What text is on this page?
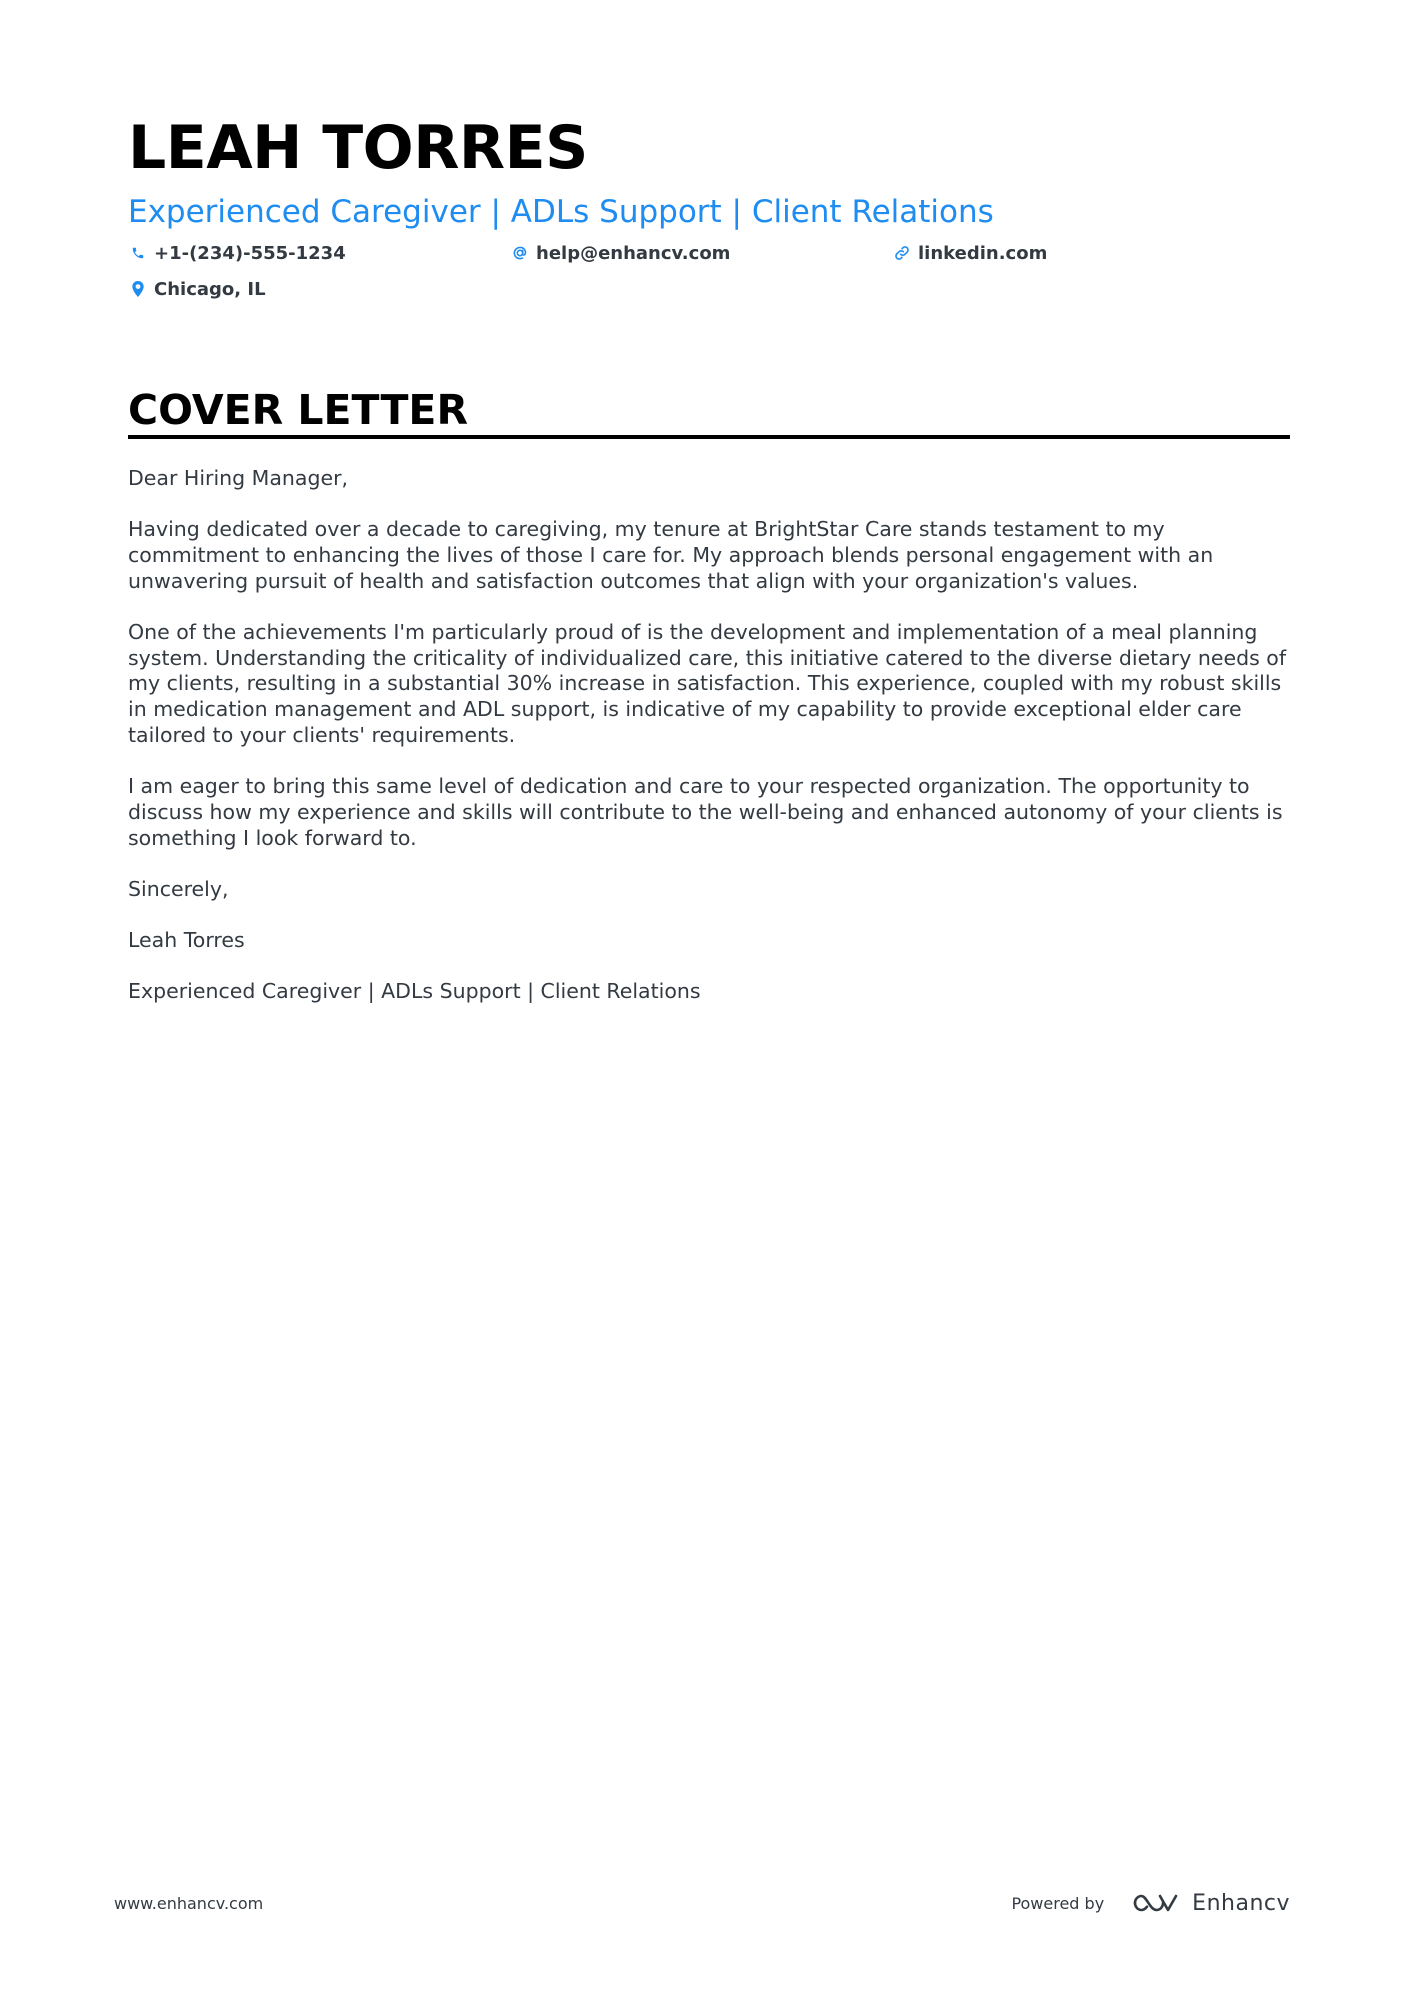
LEAH TORRES
Experienced Caregiver | ADLs Support | Client Relations
+1-(234)-555-1234	help@enhancv.com	linkedin.com
Chicago, IL
COVER LETTER

Dear Hiring Manager,

Having dedicated over a decade to caregiving, my tenure at BrightStar Care stands testament to my commitment to enhancing the lives of those I care for. My approach blends personal engagement with an unwavering pursuit of health and satisfaction outcomes that align with your organization's values.

One of the achievements I'm particularly proud of is the development and implementation of a meal planning system. Understanding the criticality of individualized care, this initiative catered to the diverse dietary needs of my clients, resulting in a substantial 30% increase in satisfaction. This experience, coupled with my robust skills in medication management and ADL support, is indicative of my capability to provide exceptional elder care tailored to your clients' requirements.

I am eager to bring this same level of dedication and care to your respected organization. The opportunity to discuss how my experience and skills will contribute to the well-being and enhanced autonomy of your clients is something I look forward to.

Sincerely,

Leah Torres

Experienced Caregiver | ADLs Support | Client Relations

www.enhancv.com	Powered by	Enhancv
